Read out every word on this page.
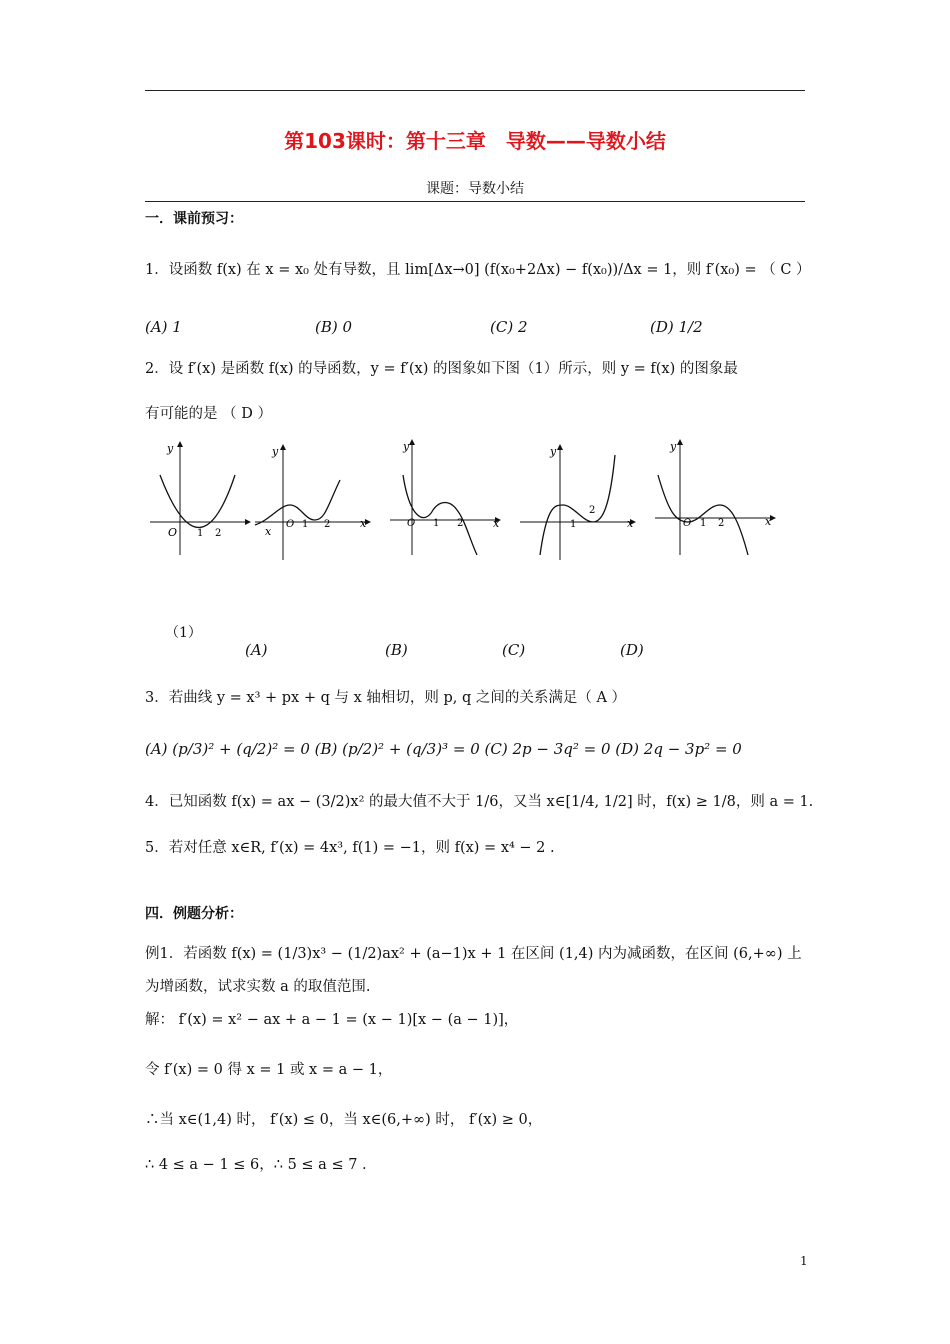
第103课时：第十三章　导数——导数小结
课题：导数小结
一．课前预习：
1．设函数 f(x) 在 x = x₀ 处有导数，且 lim[Δx→0] (f(x₀+2Δx) − f(x₀))/Δx = 1，则 f′(x₀) = （ C ）
(A) 1	(B) 0	(C) 2	(D) 1/2
2．设 f′(x) 是函数 f(x) 的导函数，y = f′(x) 的图象如下图（1）所示，则 y = f(x) 的图象最
有可能的是 （ D ）
y
O 1 2
y
x
x
O 1 2
y
x
O 1 2
y
x
1
2
y
x
O 1 2
（1）
(A)	(B)	(C)	(D)
3．若曲线 y = x³ + px + q 与 x 轴相切，则 p, q 之间的关系满足（ A ）
(A) (p/3)² + (q/2)² = 0 (B) (p/2)² + (q/3)³ = 0 (C) 2p − 3q² = 0 (D) 2q − 3p² = 0
4．已知函数 f(x) = ax − (3/2)x² 的最大值不大于 1/6，又当 x∈[1/4, 1/2] 时，f(x) ≥ 1/8，则 a = 1.
5．若对任意 x∈R, f′(x) = 4x³, f(1) = −1，则 f(x) = x⁴ − 2 .
四．例题分析：
例1．若函数 f(x) = (1/3)x³ − (1/2)ax² + (a−1)x + 1 在区间 (1,4) 内为减函数，在区间 (6,+∞) 上
为增函数，试求实数 a 的取值范围.
解： f′(x) = x² − ax + a − 1 = (x − 1)[x − (a − 1)]，
令 f′(x) = 0 得 x = 1 或 x = a − 1，
∴当 x∈(1,4) 时， f′(x) ≤ 0，当 x∈(6,+∞) 时， f′(x) ≥ 0，
∴ 4 ≤ a − 1 ≤ 6，∴ 5 ≤ a ≤ 7 .
1
